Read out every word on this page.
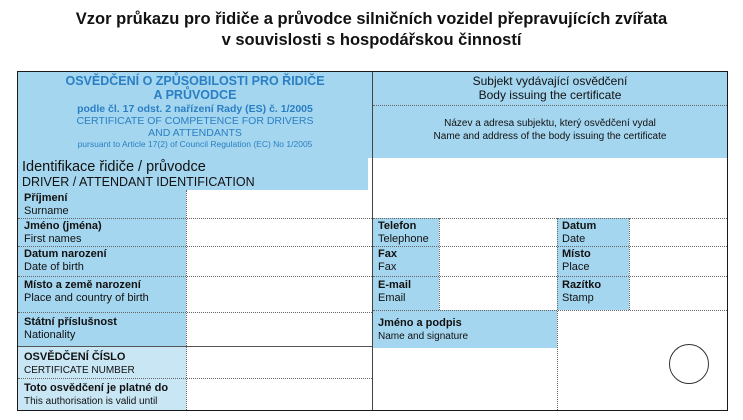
Vzor průkazu pro řidiče a průvodce silničních vozidel přepravujících zvířata
v souvislosti s hospodářskou činností
OSVĚDČENÍ O ZPŮSOBILOSTI PRO ŘIDIČE
A PRŮVODCE
podle čl. 17 odst. 2 nařízení Rady (ES) č. 1/2005
CERTIFICATE OF COMPETENCE FOR DRIVERS
AND ATTENDANTS
pursuant to Article 17(2) of Council Regulation (EC) No 1/2005
Subjekt vydávající osvědčení
Body issuing the certificate
Název a adresa subjektu, který osvědčení vydal
Name and address of the body issuing the certificate
Identifikace řidiče / průvodce
DRIVER / ATTENDANT IDENTIFICATION
Příjmení
Surname
Jméno (jména)
First names
Datum narození
Date of birth
Místo a země narození
Place and country of birth
Státní příslušnost
Nationality
OSVĚDČENÍ ČÍSLO
CERTIFICATE NUMBER
Toto osvědčení je platné do
This authorisation is valid until
Telefon
Telephone
Fax
Fax
E-mail
Email
Datum
Date
Místo
Place
Razítko
Stamp
Jméno a podpis
Name and signature
